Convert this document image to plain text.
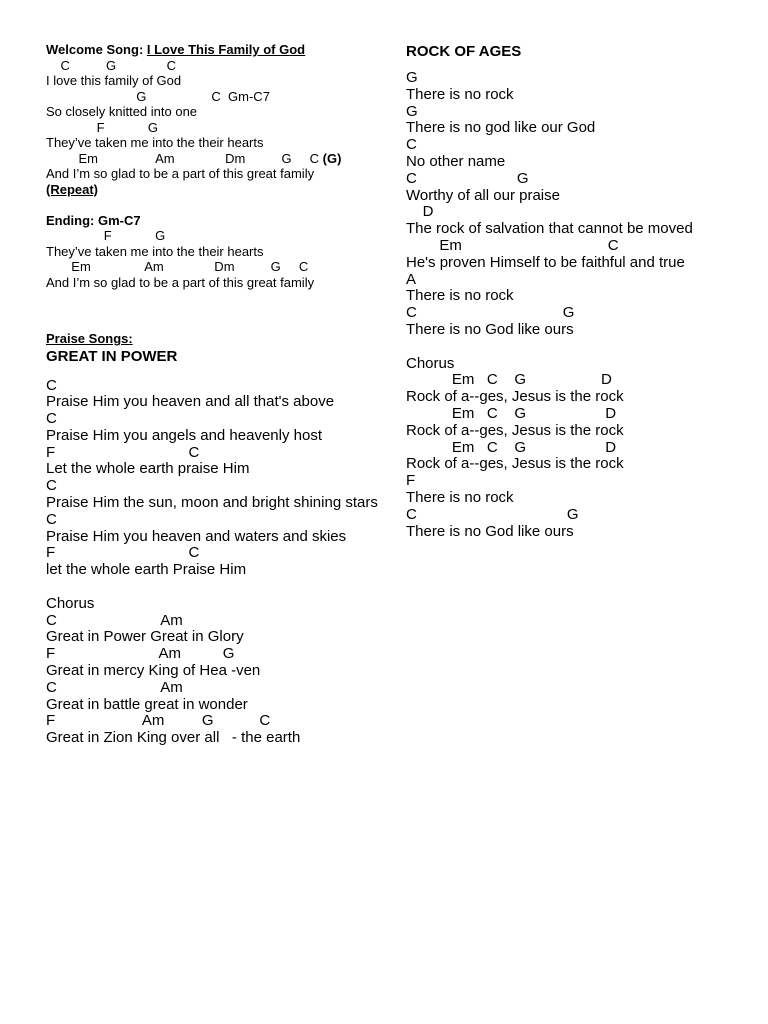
Welcome Song: I Love This Family of God
C          G              C
I love this family of God
G                  C  Gm-C7
So closely knitted into one
F            G
They’ve taken me into the their hearts
Em                Am              Dm          G     C (G)
And I’m so glad to be a part of this great family
(Repeat)
Ending: Gm-C7
F            G
They’ve taken me into the their hearts
Em               Am              Dm          G     C
And I’m so glad to be a part of this great family
Praise Songs:
GREAT IN POWER
C
Praise Him you heaven and all that's above
C
Praise Him you angels and heavenly host
F                                C
Let the whole earth praise Him
C
Praise Him the sun, moon and bright shining stars
C
Praise Him you heaven and waters and skies
F                                C
let the whole earth Praise Him
Chorus
C                         Am
Great in Power Great in Glory
F                         Am          G
Great in mercy King of Hea -ven
C                         Am
Great in battle great in wonder
F                     Am         G           C
Great in Zion King over all   - the earth
ROCK OF AGES
G
There is no rock
G
There is no god like our God
C
No other name
C                        G
Worthy of all our praise
D
The rock of salvation that cannot be moved
Em                                   C
He's proven Himself to be faithful and true
A
There is no rock
C                                   G
There is no God like ours
Chorus
Em   C    G                  D
Rock of a--ges, Jesus is the rock
Em   C    G                   D
Rock of a--ges, Jesus is the rock
Em   C    G                   D
Rock of a--ges, Jesus is the rock
F
There is no rock
C                                    G
There is no God like ours
